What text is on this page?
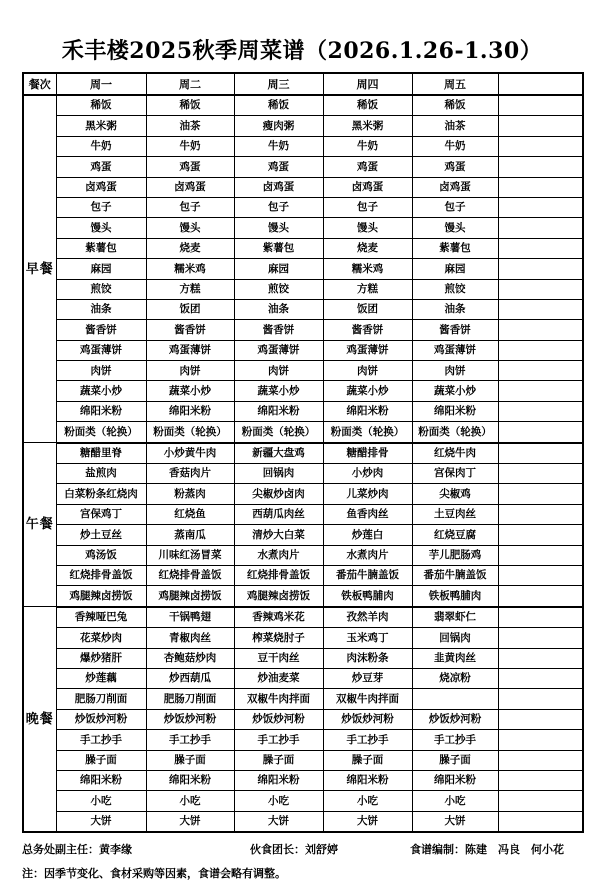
禾丰楼2025秋季周菜谱（2026.1.26-1.30）
餐次	周一	周二	周三	周四	周五	
早餐	稀饭	稀饭	稀饭	稀饭	稀饭	
	黑米粥	油茶	瘦肉粥	黑米粥	油茶	
	牛奶	牛奶	牛奶	牛奶	牛奶	
	鸡蛋	鸡蛋	鸡蛋	鸡蛋	鸡蛋	
	卤鸡蛋	卤鸡蛋	卤鸡蛋	卤鸡蛋	卤鸡蛋	
	包子	包子	包子	包子	包子	
	馒头	馒头	馒头	馒头	馒头	
	紫薯包	烧麦	紫薯包	烧麦	紫薯包	
	麻园	糯米鸡	麻园	糯米鸡	麻园	
	煎饺	方糕	煎饺	方糕	煎饺	
	油条	饭团	油条	饭团	油条	
	酱香饼	酱香饼	酱香饼	酱香饼	酱香饼	
	鸡蛋薄饼	鸡蛋薄饼	鸡蛋薄饼	鸡蛋薄饼	鸡蛋薄饼	
	肉饼	肉饼	肉饼	肉饼	肉饼	
	蔬菜小炒	蔬菜小炒	蔬菜小炒	蔬菜小炒	蔬菜小炒	
	绵阳米粉	绵阳米粉	绵阳米粉	绵阳米粉	绵阳米粉	
	粉面类（轮换）	粉面类（轮换）	粉面类（轮换）	粉面类（轮换）	粉面类（轮换）	
午餐	糖醋里脊	小炒黄牛肉	新疆大盘鸡	糖醋排骨	红烧牛肉	
	盐煎肉	香菇肉片	回锅肉	小炒肉	宫保肉丁	
	白菜粉条红烧肉	粉蒸肉	尖椒炒卤肉	儿菜炒肉	尖椒鸡	
	宫保鸡丁	红烧鱼	西葫瓜肉丝	鱼香肉丝	土豆肉丝	
	炒土豆丝	蒸南瓜	清炒大白菜	炒莲白	红烧豆腐	
	鸡汤饭	川味红汤冒菜	水煮肉片	水煮肉片	芋儿肥肠鸡	
	红烧排骨盖饭	红烧排骨盖饭	红烧排骨盖饭	番茄牛腩盖饭	番茄牛腩盖饭	
	鸡腿辣卤捞饭	鸡腿辣卤捞饭	鸡腿辣卤捞饭	铁板鸭脯肉	铁板鸭脯肉	
晚餐	香辣哑巴兔	干锅鸭翅	香辣鸡米花	孜然羊肉	翡翠虾仁	
	花菜炒肉	青椒肉丝	榨菜烧肘子	玉米鸡丁	回锅肉	
	爆炒猪肝	杏鲍菇炒肉	豆干肉丝	肉沫粉条	韭黄肉丝	
	炒莲藕	炒西葫瓜	炒油麦菜	炒豆芽	烧凉粉	
	肥肠刀削面	肥肠刀削面	双椒牛肉拌面	双椒牛肉拌面		
	炒饭炒河粉	炒饭炒河粉	炒饭炒河粉	炒饭炒河粉	炒饭炒河粉	
	手工抄手	手工抄手	手工抄手	手工抄手	手工抄手	
	臊子面	臊子面	臊子面	臊子面	臊子面	
	绵阳米粉	绵阳米粉	绵阳米粉	绵阳米粉	绵阳米粉	
	小吃	小吃	小吃	小吃	小吃	
	大饼	大饼	大饼	大饼	大饼	
总务处副主任：黄李缘	伙食团长：刘舒婷	食谱编制：陈建　冯良　何小花
注：因季节变化、食材采购等因素，食谱会略有调整。
